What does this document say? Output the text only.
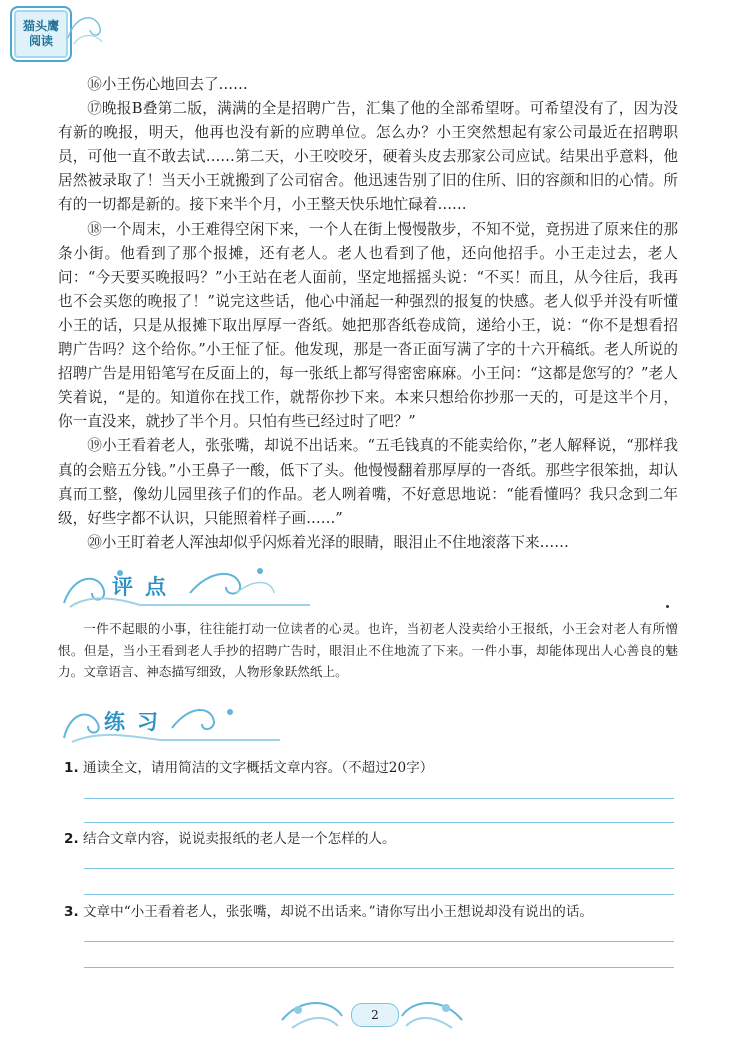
猫头鹰
阅读

⑯小王伤心地回去了……

⑰晚报B叠第二版，满满的全是招聘广告，汇集了他的全部希望呀。可希望没有了，因为没有新的晚报，明天，他再也没有新的应聘单位。怎么办？小王突然想起有家公司最近在招聘职员，可他一直不敢去试……第二天，小王咬咬牙，硬着头皮去那家公司应试。结果出乎意料，他居然被录取了！当天小王就搬到了公司宿舍。他迅速告别了旧的住所、旧的容颜和旧的心情。所有的一切都是新的。接下来半个月，小王整天快乐地忙碌着……

⑱一个周末，小王难得空闲下来，一个人在街上慢慢散步，不知不觉，竟拐进了原来住的那条小街。他看到了那个报摊，还有老人。老人也看到了他，还向他招手。小王走过去，老人问：“今天要买晚报吗？”小王站在老人面前，坚定地摇摇头说：“不买！而且，从今往后，我再也不会买您的晚报了！”说完这些话，他心中涌起一种强烈的报复的快感。老人似乎并没有听懂小王的话，只是从报摊下取出厚厚一沓纸。她把那沓纸卷成筒，递给小王，说：“你不是想看招聘广告吗？这个给你。”小王怔了怔。他发现，那是一沓正面写满了字的十六开稿纸。老人所说的招聘广告是用铅笔写在反面上的，每一张纸上都写得密密麻麻。小王问：“这都是您写的？”老人笑着说，“是的。知道你在找工作，就帮你抄下来。本来只想给你抄那一天的，可是这半个月，你一直没来，就抄了半个月。只怕有些已经过时了吧？”

⑲小王看着老人，张张嘴，却说不出话来。“五毛钱真的不能卖给你，”老人解释说，“那样我真的会赔五分钱。”小王鼻子一酸，低下了头。他慢慢翻着那厚厚的一沓纸。那些字很笨拙，却认真而工整，像幼儿园里孩子们的作品。老人咧着嘴，不好意思地说：“能看懂吗？我只念到二年级，好些字都不认识，只能照着样子画……”

⑳小王盯着老人浑浊却似乎闪烁着光泽的眼睛，眼泪止不住地滚落下来……

评点

一件不起眼的小事，往往能打动一位读者的心灵。也许，当初老人没卖给小王报纸，小王会对老人有所憎恨。但是，当小王看到老人手抄的招聘广告时，眼泪止不住地流了下来。一件小事，却能体现出人心善良的魅力。文章语言、神态描写细致，人物形象跃然纸上。

练习
1. 通读全文，请用简洁的文字概括文章内容。（不超过20字）
2. 结合文章内容，说说卖报纸的老人是一个怎样的人。
3. 文章中“小王看着老人，张张嘴，却说不出话来。”请你写出小王想说却没有说出的话。
2
